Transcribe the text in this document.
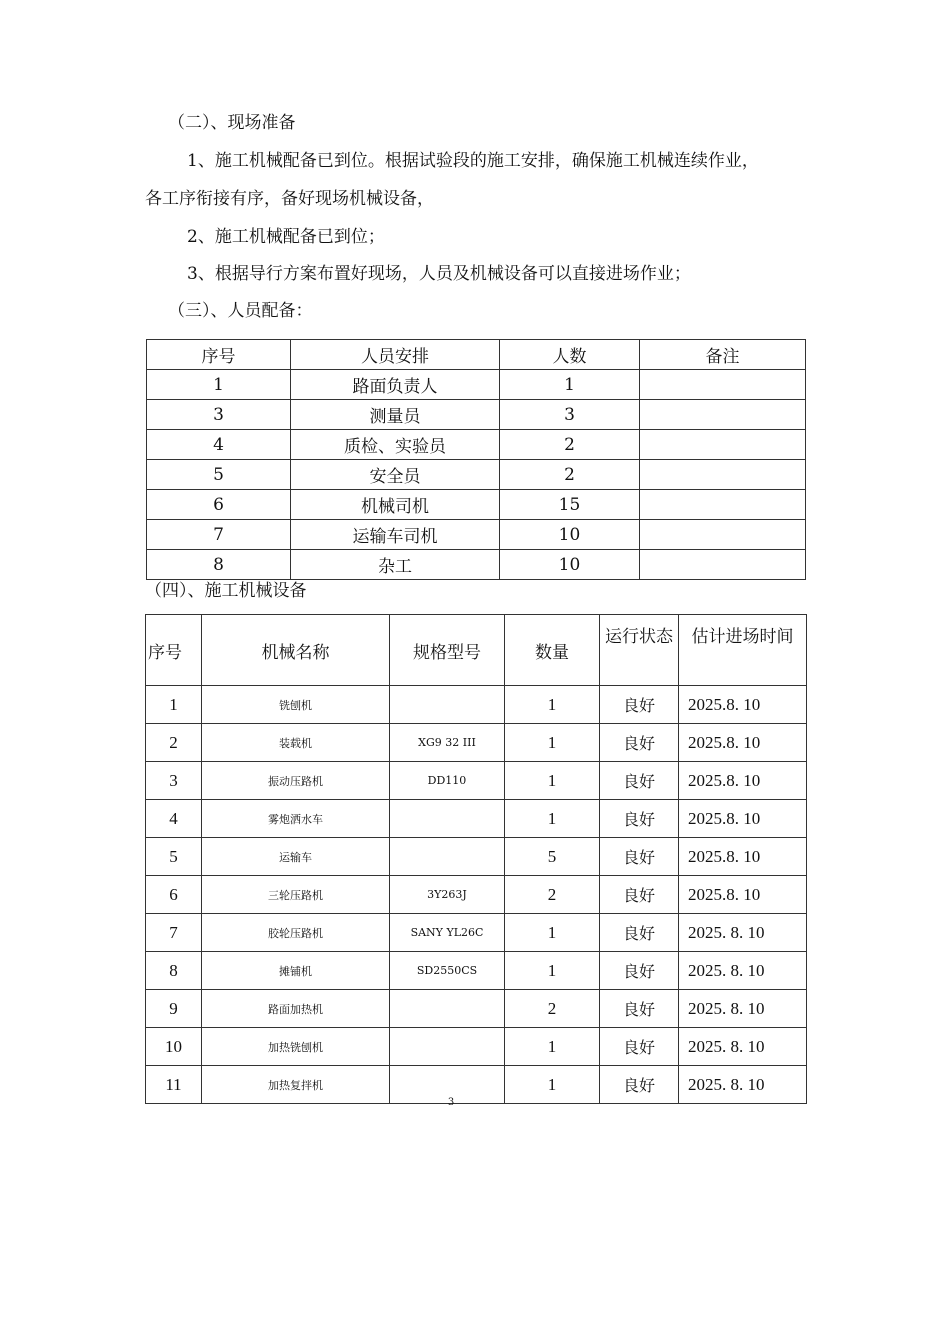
（二）、现场准备
1、施工机械配备已到位。根据试验段的施工安排，确保施工机械连续作业，
各工序衔接有序，备好现场机械设备，
2、施工机械配备已到位；
3、根据导行方案布置好现场，人员及机械设备可以直接进场作业；
（三）、人员配备：
序号	人员安排	人数	备注
1	路面负责人	1	
3	测量员	3	
4	质检、实验员	2	
5	安全员	2	
6	机械司机	15	
7	运输车司机	10	
8	杂工	10	
（四）、施工机械设备
序号	机械名称	规格型号	数量	运行状态	估计进场时间
1	铣刨机		1	良好	2025.8. 10
2	装载机	XG9 32 III	1	良好	2025.8. 10
3	振动压路机	DD110	1	良好	2025.8. 10
4	雾炮洒水车		1	良好	2025.8. 10
5	运输车		5	良好	2025.8. 10
6	三轮压路机	3Y263J	2	良好	2025.8. 10
7	胶轮压路机	SANY YL26C	1	良好	2025. 8. 10
8	摊铺机	SD2550CS	1	良好	2025. 8. 10
9	路面加热机		2	良好	2025. 8. 10
10	加热铣刨机		1	良好	2025. 8. 10
11	加热复拌机		1	良好	2025. 8. 10
3
